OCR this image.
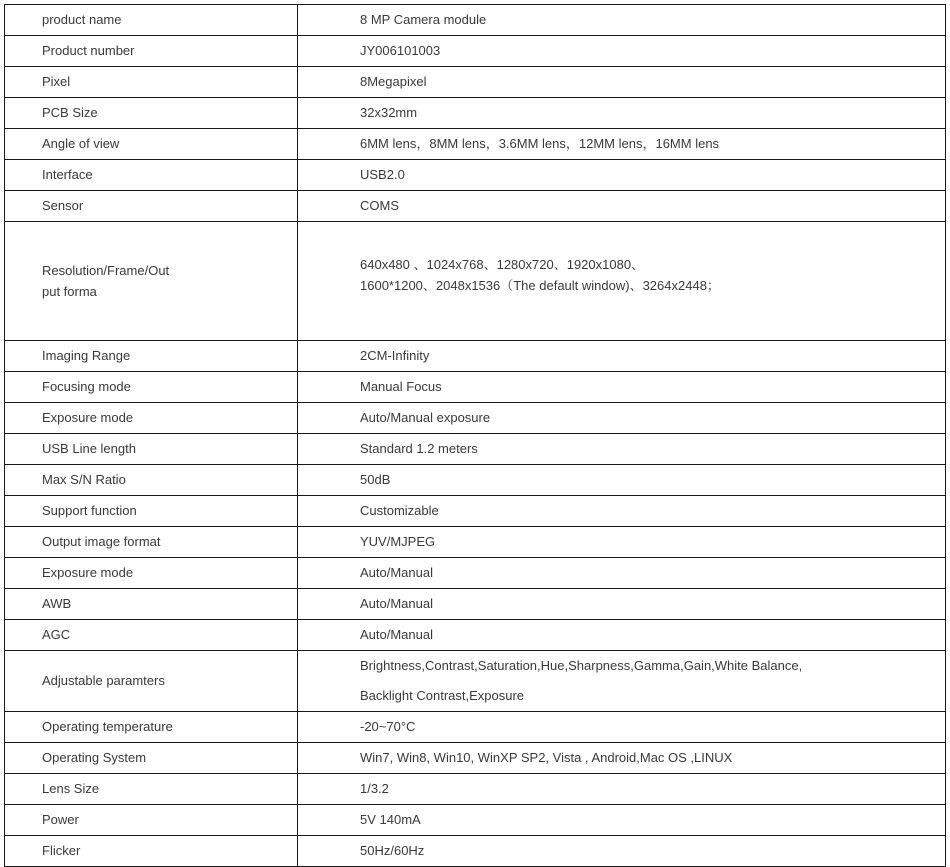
product name	8 MP Camera module
Product number	JY006101003
Pixel	8Megapixel
PCB Size	32x32mm
Angle of view	6MM lens，8MM lens，3.6MM lens，12MM lens，16MM lens
Interface	USB2.0
Sensor	COMS

Resolution/Frame/Out
put forma	640x480 、1024x768、1280x720、1920x1080、
1600*1200、2048x1536（The default window)、3264x2448；

Imaging Range	2CM-Infinity
Focusing mode	Manual Focus
Exposure mode	Auto/Manual exposure
USB Line length	Standard 1.2 meters
Max S/N Ratio	50dB
Support function	Customizable
Output image format	YUV/MJPEG
Exposure mode	Auto/Manual
AWB	Auto/Manual
AGC	Auto/Manual
Adjustable paramters	Brightness,Contrast,Saturation,Hue,Sharpness,Gamma,Gain,White Balance,
Backlight Contrast,Exposure

Operating temperature	-20~70°C
Operating System	Win7, Win8, Win10, WinXP SP2, Vista , Android,Mac OS ,LINUX
Lens Size	1/3.2
Power	5V 140mA
Flicker	50Hz/60Hz
